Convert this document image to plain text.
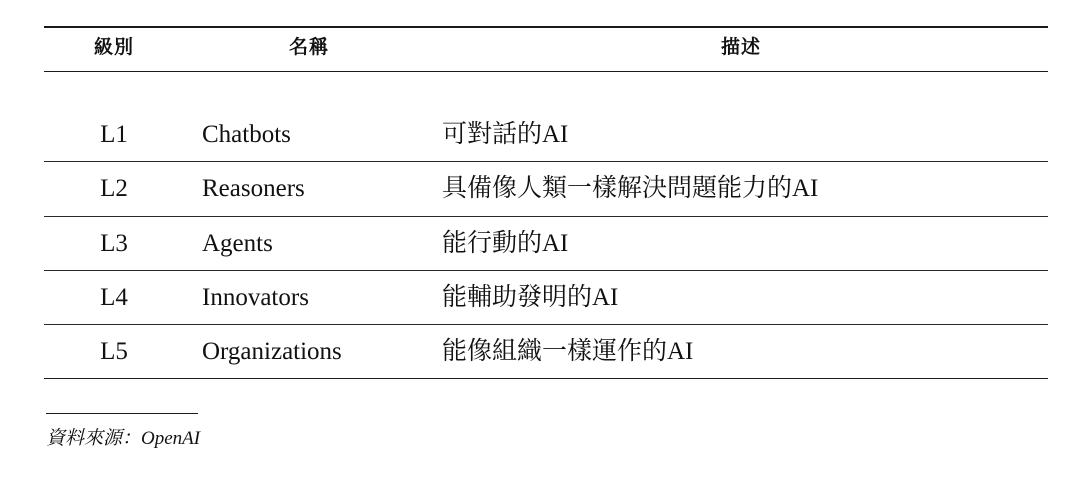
級別	名稱	描述

L1	Chatbots	可對話的AI
L2	Reasoners	具備像人類一樣解決問題能力的AI
L3	Agents	能行動的AI
L4	Innovators	能輔助發明的AI
L5	Organizations	能像組織一樣運作的AI
資料來源：OpenAI
